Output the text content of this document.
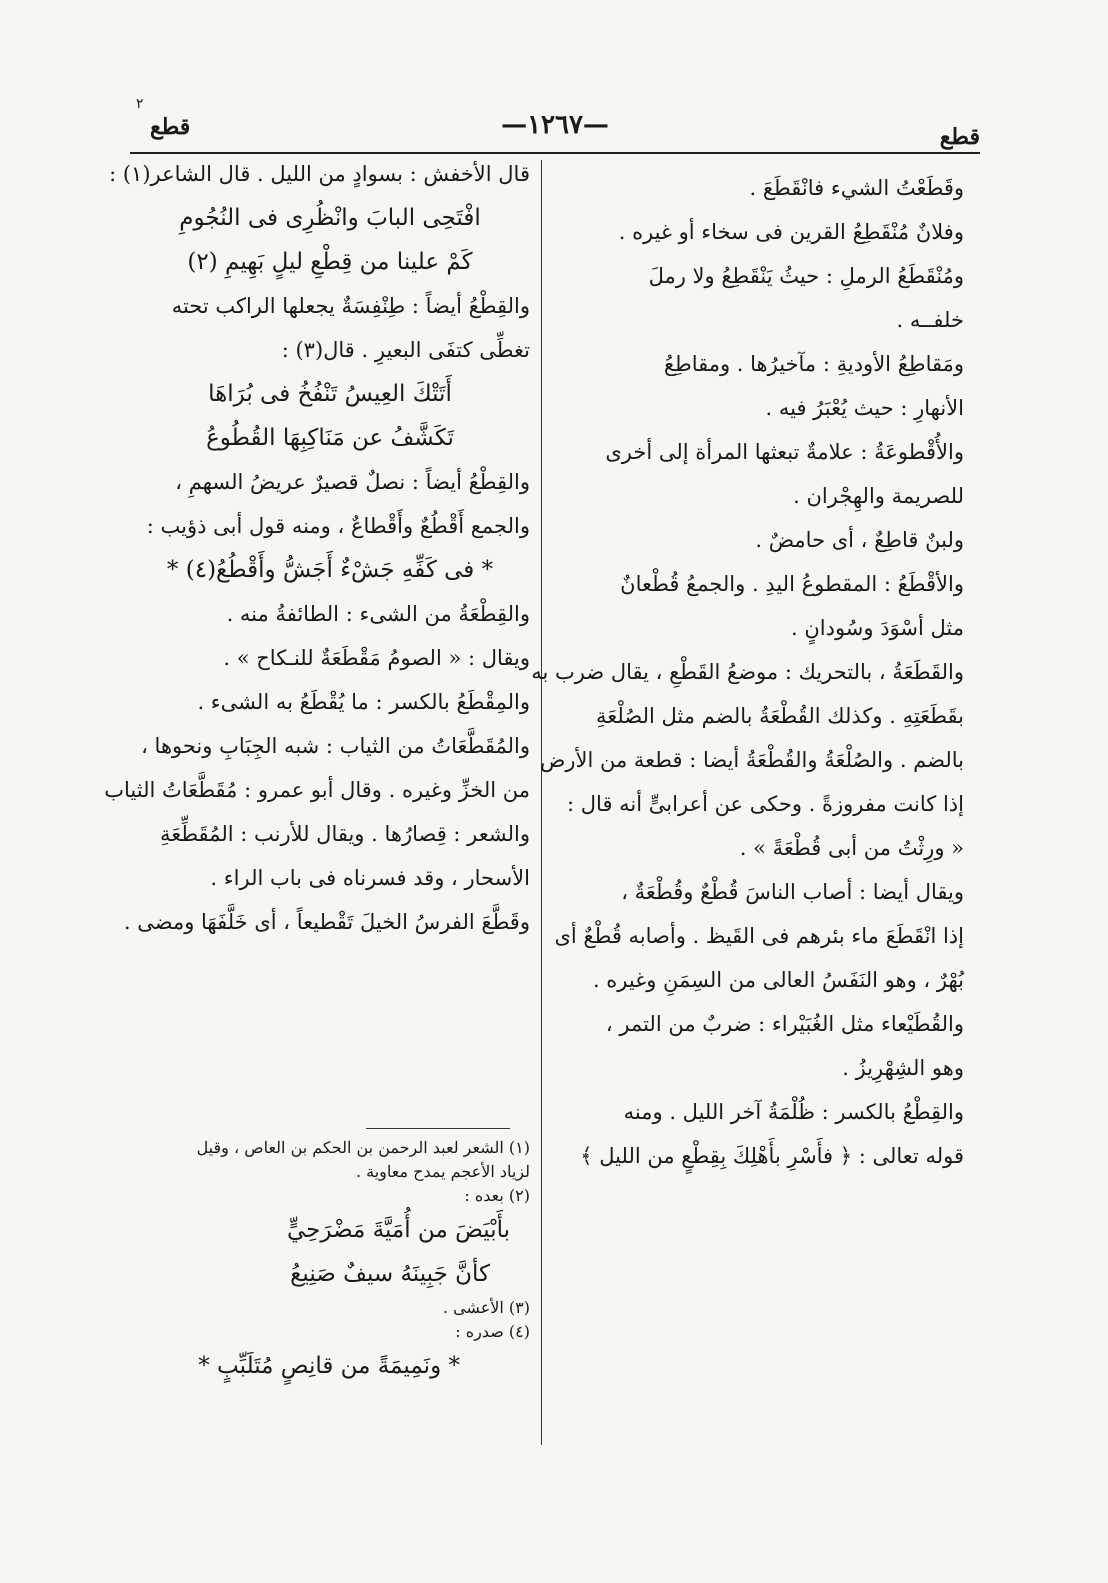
٢
قطع	—١٢٦٧—	قطع
وقَطَعْتُ الشيء فانْقَطَعَ .
وفلانٌ مُنْقَطِعُ القرين فى سخاء أو غيره .
ومُنْقَطَعُ الرملِ : حيثُ يَنْقَطِعُ ولا رملَ
خلفــه .
ومَقاطِعُ الأوديةِ : مآخيرُها . ومقاطِعُ
الأنهارِ : حيث يُعْبَرُ فيه .
والأُقْطوعَةُ : علامةٌ تبعثها المرأة إلى أخرى
للصريمة والهِجْران .
ولبنٌ قاطِعٌ ، أى حامضٌ .
والأقْطَعُ : المقطوعُ اليدِ . والجمعُ قُطْعانٌ
مثل أسْوَدَ وسُودانٍ .
والقَطَعَةُ ، بالتحريك : موضعُ القَطْعِ ، يقال ضرب به
بقَطَعَتِهِ . وكذلك القُطْعَةُ بالضم مثل الصُلْعَةِ
بالضم . والصُلْعَةُ والقُطْعَةُ أيضا : قطعة من الأرض
إذا كانت مفروزةً . وحكى عن أعرابىٍّ أنه قال :
« ورِثْتُ من أبى قُطْعَةً » .
ويقال أيضا : أصاب الناسَ قُطْعٌ وقُطْعَةٌ ،
إذا انْقَطَعَ ماء بئرهم فى القَيظ . وأصابه قُطْعٌ أى
بُهْرٌ ، وهو النَفَسُ العالى من السِمَنِ وغيره .
والقُطَيْعاء مثل الغُبَيْراء : ضربٌ من التمر ،
وهو الشِهْرِيزُ .
والقِطْعُ بالكسر : ظُلْمَةُ آخر الليل . ومنه
قوله تعالى : ﴿ فأَسْرِ بأَهْلِكَ بِقِطْعٍ من الليل ﴾
قال الأخفش : بسوادٍ من الليل . قال الشاعر(١) :
افْتَحِى البابَ وانْظُرِى فى النُجُومِ
كَمْ علينا من قِطْعِ ليلٍ بَهِيمِ (٢)
والقِطْعُ أيضاً : طِنْفِسَةٌ يجعلها الراكب تحته
تغطِّى كتفَى البعيرِ . قال(٣) :
أَتَتْكَ العِيسُ تَنْفُخُ فى بُرَاهَا
تَكَشَّفُ عن مَنَاكِبِهَا القُطُوعُ
والقِطْعُ أيضاً : نصلٌ قصيرٌ عريضُ السهمِ ،
والجمع أَقْطُعٌ وأَقْطاعٌ ، ومنه قول أبى ذؤيب :
* فى كَفِّهِ جَشْءٌ أَجَشُّ وأَقْطُعُ(٤) *
والقِطْعَةُ من الشىء : الطائفةُ منه .
ويقال : « الصومُ مَقْطَعَةٌ للنـكاح » .
والمِقْطَعُ بالكسر : ما يُقْطَعُ به الشىء .
والمُقَطَّعَاتُ من الثياب : شبه الجِبَابِ ونحوها ،
من الخزِّ وغيره . وقال أبو عمرو : مُقَطَّعَاتُ الثياب
والشعر : قِصارُها . ويقال للأرنب : المُقَطِّعَةِ
الأسحار ، وقد فسرناه فى باب الراء .
وقَطَّعَ الفرسُ الخيلَ تَقْطيعاً ، أى خَلَّفَهَا ومضى .
(١) الشعر لعبد الرحمن بن الحكم بن العاص ، وقيل
لزياد الأعجم يمدح معاوية .
(٢) بعده :
بأَبْيَضَ من أُمَيَّةَ مَضْرَحِيٍّ
كأنَّ جَبِينَهُ سيفٌ صَنِيعُ
(٣) الأعشى .
(٤) صدره :
* ونَمِيمَةً من قانِصٍ مُتَلَبِّبٍ *
